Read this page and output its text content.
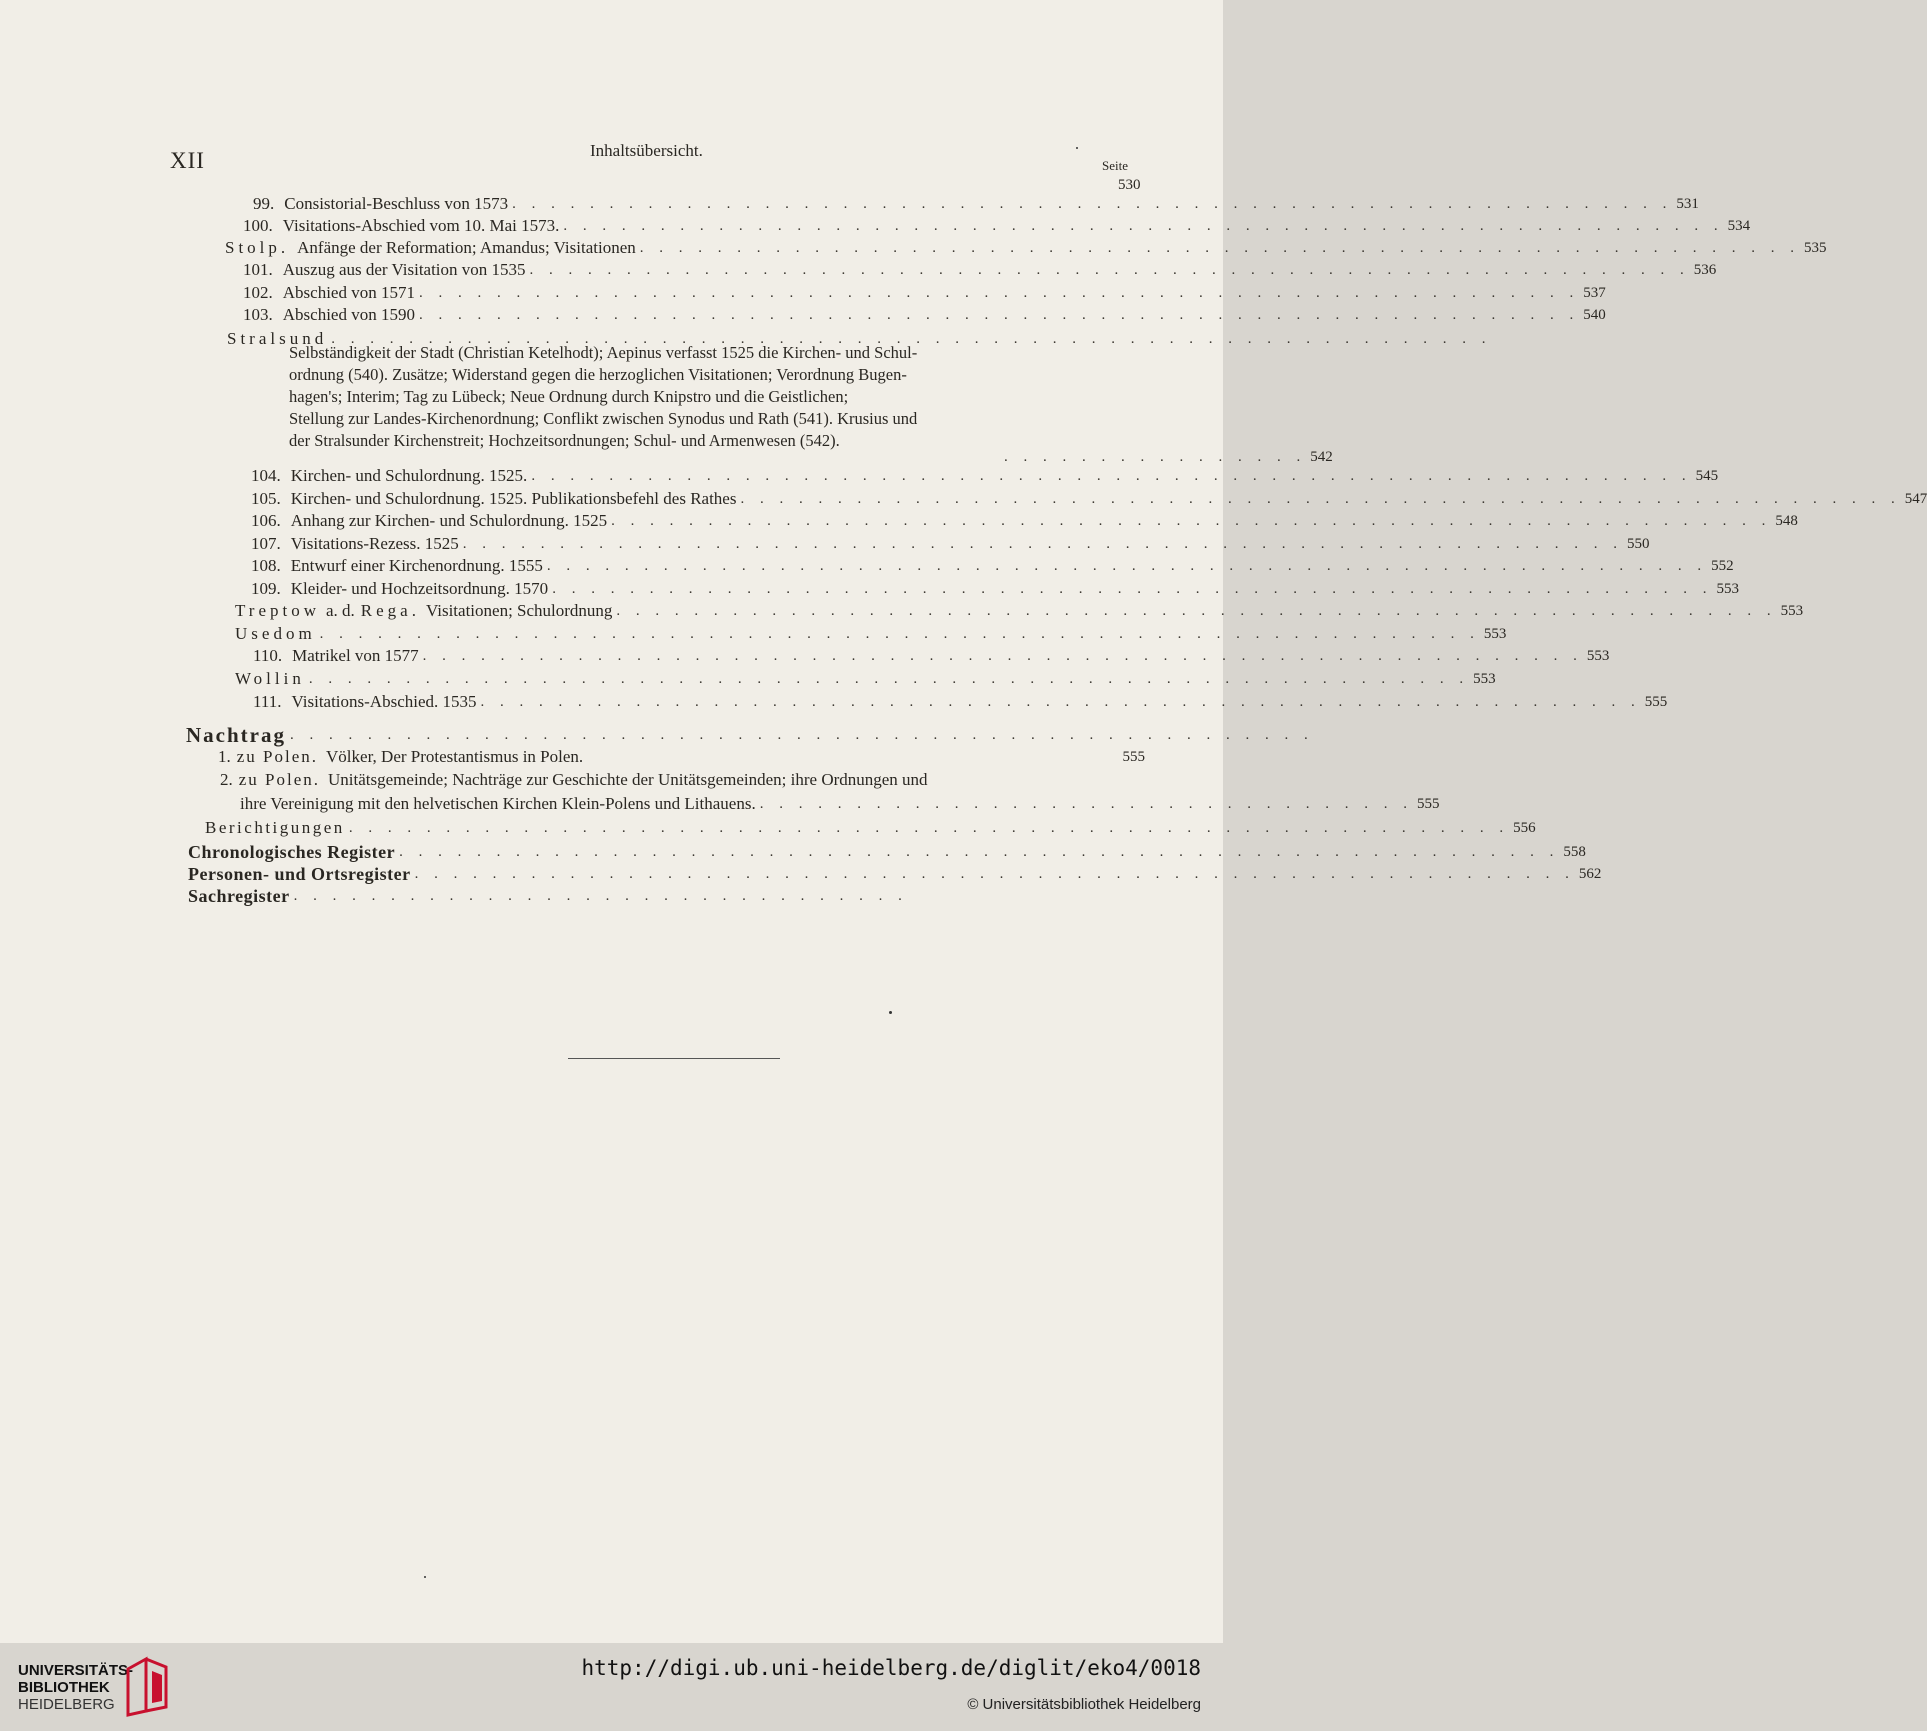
XII	Inhaltsübersicht.
Seite
530
99. Consistorial-Beschluss von 1573 . . . . . . . . . . . . . . . . . . . . . . . . . . . . . . . . . . . . . . . . . . . . . . . . . . . . . . . . . . . . 531
100. Visitations-Abschied vom 10. Mai 1573. . . . . . . . . . . . . . . . . . . . . . . . . . . . . . . . . . . . . . . . . . . . . . . . . . . . . . . . . . . . . 534
Stolp. Anfänge der Reformation; Amandus; Visitationen . . . . . . . . . . . . . . . . . . . . . . . . . . . . . . . . . . . . . . . . . . . . . . . . . . . . . . . . . . . . 535
101. Auszug aus der Visitation von 1535 . . . . . . . . . . . . . . . . . . . . . . . . . . . . . . . . . . . . . . . . . . . . . . . . . . . . . . . . . . . . 536
102. Abschied von 1571 . . . . . . . . . . . . . . . . . . . . . . . . . . . . . . . . . . . . . . . . . . . . . . . . . . . . . . . . . . . . 537
103. Abschied von 1590 . . . . . . . . . . . . . . . . . . . . . . . . . . . . . . . . . . . . . . . . . . . . . . . . . . . . . . . . . . . . 540
Stralsund . . . . . . . . . . . . . . . . . . . . . . . . . . . . . . . . . . . . . . . . . . . . . . . . . . . . . . . . . . . .
Selbständigkeit der Stadt (Christian Ketelhodt); Aepinus verfasst 1525 die Kirchen- und Schul-
ordnung (540). Zusätze; Widerstand gegen die herzoglichen Visitationen; Verordnung Bugen-
hagen's; Interim; Tag zu Lübeck; Neue Ordnung durch Knipstro und die Geistlichen;
Stellung zur Landes-Kirchenordnung; Conflikt zwischen Synodus und Rath (541). Krusius und
der Stralsunder Kirchenstreit; Hochzeitsordnungen; Schul- und Armenwesen (542).
. . . . . . . . . . . . . . . . 542
104. Kirchen- und Schulordnung. 1525. . . . . . . . . . . . . . . . . . . . . . . . . . . . . . . . . . . . . . . . . . . . . . . . . . . . . . . . . . . . . 545
105. Kirchen- und Schulordnung. 1525. Publikationsbefehl des Rathes . . . . . . . . . . . . . . . . . . . . . . . . . . . . . . . . . . . . . . . . . . . . . . . . . . . . . . . . . . . . 547
106. Anhang zur Kirchen- und Schulordnung. 1525 . . . . . . . . . . . . . . . . . . . . . . . . . . . . . . . . . . . . . . . . . . . . . . . . . . . . . . . . . . . . 548
107. Visitations-Rezess. 1525 . . . . . . . . . . . . . . . . . . . . . . . . . . . . . . . . . . . . . . . . . . . . . . . . . . . . . . . . . . . . 550
108. Entwurf einer Kirchenordnung. 1555 . . . . . . . . . . . . . . . . . . . . . . . . . . . . . . . . . . . . . . . . . . . . . . . . . . . . . . . . . . . . 552
109. Kleider- und Hochzeitsordnung. 1570 . . . . . . . . . . . . . . . . . . . . . . . . . . . . . . . . . . . . . . . . . . . . . . . . . . . . . . . . . . . . 553
Treptow a. d. Rega. Visitationen; Schulordnung . . . . . . . . . . . . . . . . . . . . . . . . . . . . . . . . . . . . . . . . . . . . . . . . . . . . . . . . . . . . 553
Usedom . . . . . . . . . . . . . . . . . . . . . . . . . . . . . . . . . . . . . . . . . . . . . . . . . . . . . . . . . . . . 553
110. Matrikel von 1577 . . . . . . . . . . . . . . . . . . . . . . . . . . . . . . . . . . . . . . . . . . . . . . . . . . . . . . . . . . . . 553
Wollin . . . . . . . . . . . . . . . . . . . . . . . . . . . . . . . . . . . . . . . . . . . . . . . . . . . . . . . . . . . . 553
111. Visitations-Abschied. 1535 . . . . . . . . . . . . . . . . . . . . . . . . . . . . . . . . . . . . . . . . . . . . . . . . . . . . . . . . . . . . 555
Nachtrag . . . . . . . . . . . . . . . . . . . . . . . . . . . . . . . . . . . . . . . . . . . . . . . . . . . . .
1. zu Polen. Völker, Der Protestantismus in Polen.	555
2. zu Polen. Unitätsgemeinde; Nachträge zur Geschichte der Unitätsgemeinden; ihre Ordnungen und
ihre Vereinigung mit den helvetischen Kirchen Klein-Polens und Lithauens. . . . . . . . . . . . . . . . . . . . . . . . . . . . . . . . . . . 555
Berichtigungen . . . . . . . . . . . . . . . . . . . . . . . . . . . . . . . . . . . . . . . . . . . . . . . . . . . . . . . . . . . . 556
Chronologisches Register . . . . . . . . . . . . . . . . . . . . . . . . . . . . . . . . . . . . . . . . . . . . . . . . . . . . . . . . . . . . 558
Personen- und Ortsregister . . . . . . . . . . . . . . . . . . . . . . . . . . . . . . . . . . . . . . . . . . . . . . . . . . . . . . . . . . . . 562
Sachregister . . . . . . . . . . . . . . . . . . . . . . . . . . . . . . . .
UNIVERSITÄTS-
BIBLIOTHEK
HEIDELBERG
http://digi.ub.uni-heidelberg.de/diglit/eko4/0018
© Universitätsbibliothek Heidelberg
